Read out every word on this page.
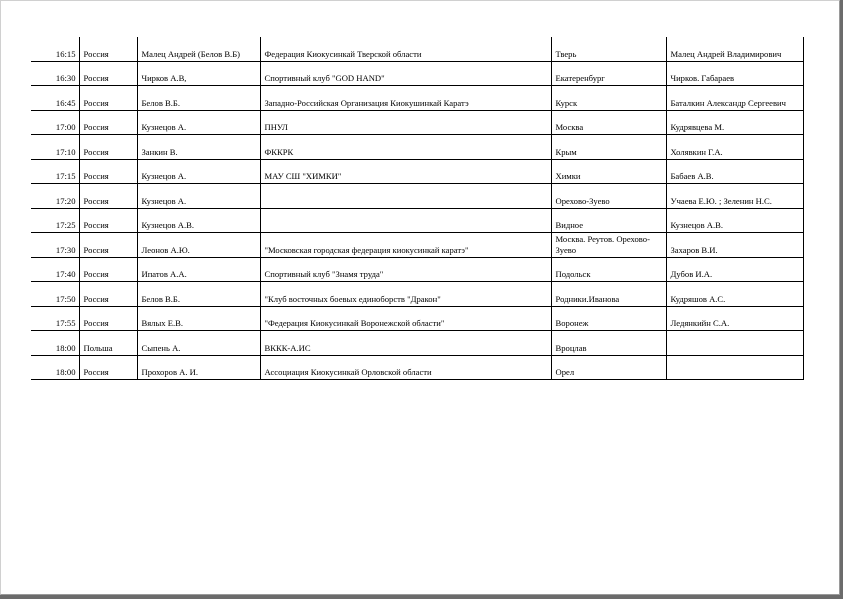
16:15	Россия	Малец Андрей (Белов В.Б)	Федерация Киокусинкай Тверской области	Тверь	Малец Андрей Владимирович
16:30	Россия	Чирков А.В,	Спортивный клуб "GOD HAND"	Екатеренбург	Чирков. Габараев
16:45	Россия	Белов В.Б.	Западно-Российская Организация Киокушинкай Каратэ	Курск	Баталкин Александр Сергеевич
17:00	Россия	Кузнецов А.	ПНУЛ	Москва	Кудрявцева М.
17:10	Россия	Занкин В.	ФККРК	Крым	Холявкин Г.А.
17:15	Россия	Кузнецов А.	МАУ СШ "ХИМКИ"	Химки	Бабаев А.В.
17:20	Россия	Кузнецов А.		Орехово-Зуево	Учаева Е.Ю. ; Зеленин Н.С.
17:25	Россия	Кузнецов А.В.		Видное	Кузнецов А.В.
17:30	Россия	Леонов А.Ю.	"Московская городская федерация киокусинкай каратэ"	Москва. Реутов. Орехово-Зуево	Захаров В.И.
17:40	Россия	Ипатов А.А.	Спортивный клуб "Знамя труда"	Подольск	Дубов И.А.
17:50	Россия	Белов В.Б.	"Клуб восточных боевых единоборств "Дракон"	Родники.Иванова	Кудряшов А.С.
17:55	Россия	Вялых Е.В.	"Федерация Киокусинкай Воронежской области"	Воронеж	Ледянкийн С.А.
18:00	Польша	Сыпень А.	ВККК-А.ИС	Вроцлав	
18:00	Россия	Прохоров А. И.	Ассоциация Киокусинкай Орловской области	Орел	
